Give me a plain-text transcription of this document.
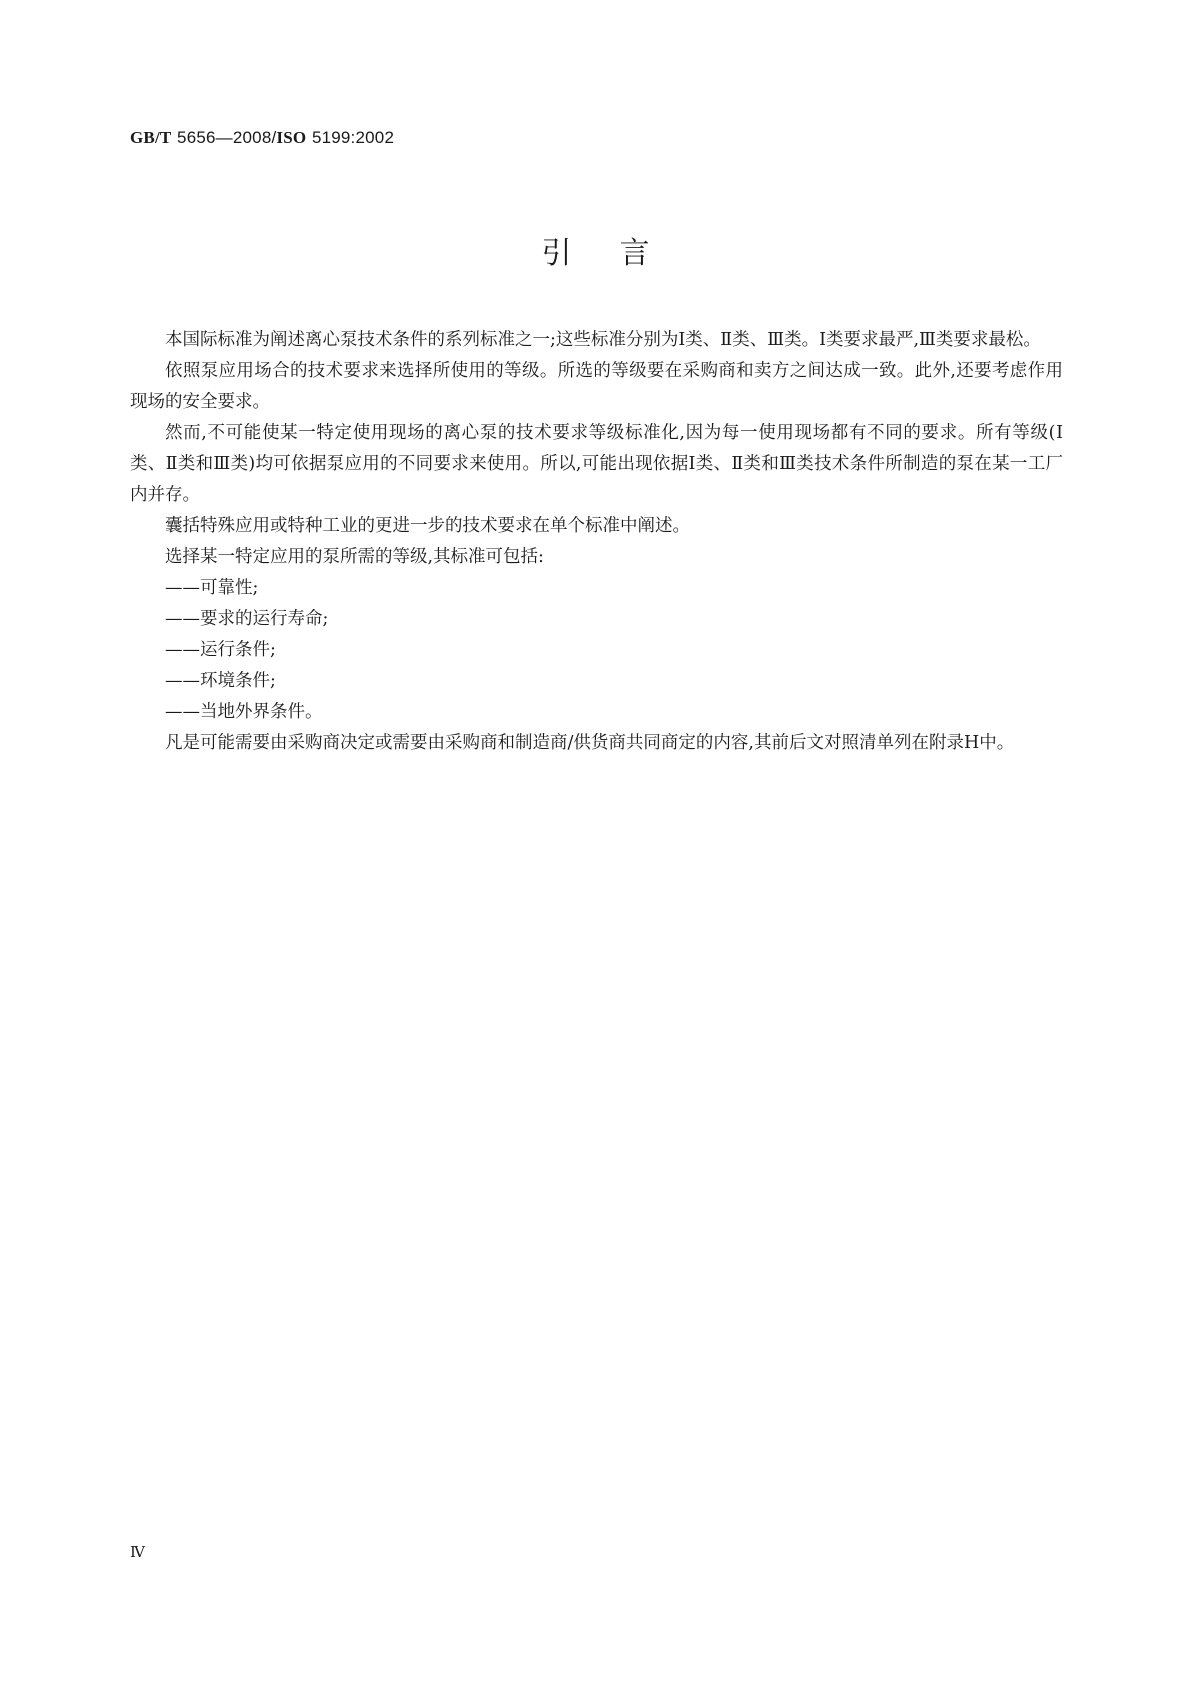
GB/T 5656—2008/ISO 5199:2002
引言

本国际标准为阐述离心泵技术条件的系列标准之一;这些标准分别为Ⅰ类、Ⅱ类、Ⅲ类。Ⅰ类要求最严,Ⅲ类要求最松。

依照泵应用场合的技术要求来选择所使用的等级。所选的等级要在采购商和卖方之间达成一致。此外,还要考虑作用现场的安全要求。

然而,不可能使某一特定使用现场的离心泵的技术要求等级标准化,因为每一使用现场都有不同的要求。所有等级(Ⅰ类、Ⅱ类和Ⅲ类)均可依据泵应用的不同要求来使用。所以,可能出现依据Ⅰ类、Ⅱ类和Ⅲ类技术条件所制造的泵在某一工厂内并存。

囊括特殊应用或特种工业的更进一步的技术要求在单个标准中阐述。

选择某一特定应用的泵所需的等级,其标准可包括:

——可靠性;

——要求的运行寿命;

——运行条件;

——环境条件;

——当地外界条件。

凡是可能需要由采购商决定或需要由采购商和制造商/供货商共同商定的内容,其前后文对照清单列在附录H中。

Ⅳ
